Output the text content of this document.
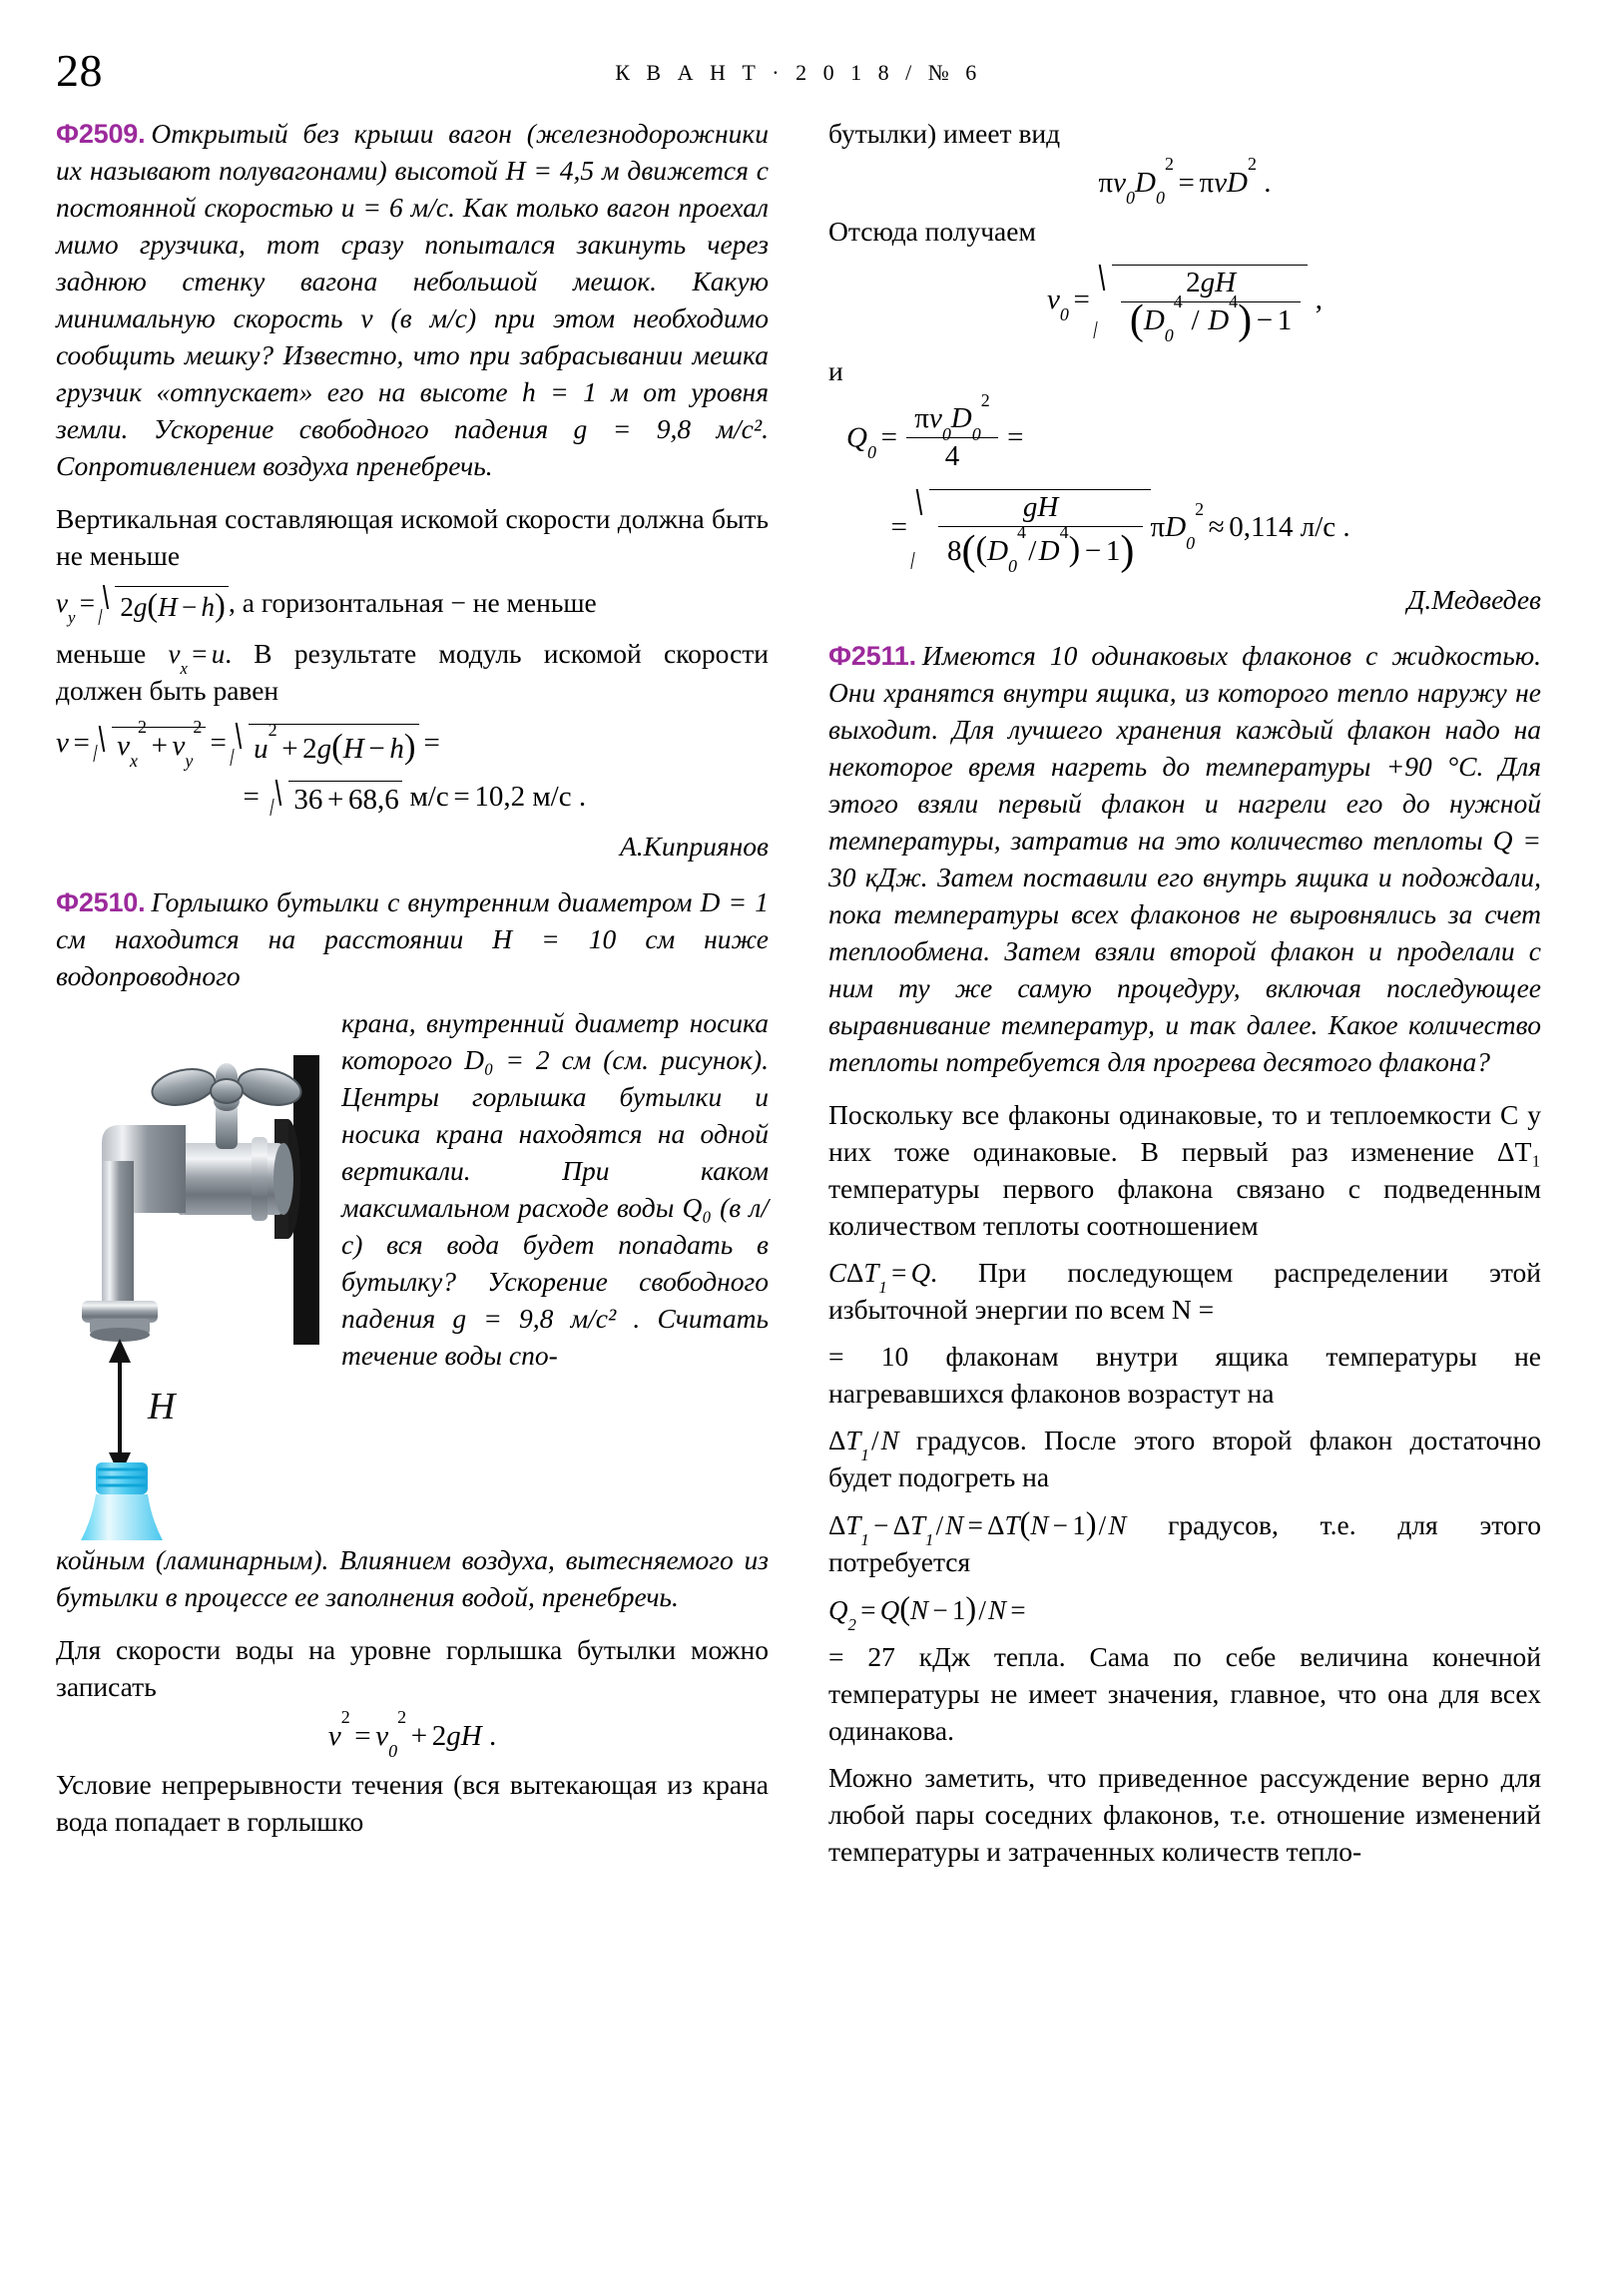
28	К В А Н Т · 2 0 1 8 / № 6

Ф2509. Открытый без крыши вагон (железнодорожники их называют полувагонами) высотой H = 4,5 м движется с постоянной скоростью u = 6 м/с. Как только вагон проехал мимо грузчика, тот сразу попытался закинуть через заднюю стенку вагона небольшой мешок. Какую минимальную скорость v (в м/с) при этом необходимо сообщить мешку? Известно, что при забрасывании мешка грузчик «отпускает» его на высоте h = 1 м от уровня земли. Ускорение свободного падения g = 9,8 м/с². Сопротивлением воздуха пренебречь.

Вертикальная составляющая искомой скорости должна быть не меньше

$v_y = 2g(H - h)$ , а горизонтальная − не меньше

меньше $v_x = u$. В результате модуль искомой скорости должен быть равен

$v = v_x^2+ v_y^2 = u^2+ 2g(H - h)$ =
= 36 + 68,6 м/с = 10,2 м/с .
А.Киприянов

Ф2510. Горлышко бутылки с внутренним диаметром D = 1 см находится на расстоянии H = 10 см ниже водопроводного

H

крана, внутренний диаметр носика которого D₀ = 2 см (см. рисунок). Центры горлышка бутылки и носика крана находятся на одной вертикали. При каком максимальном расходе воды Q₀ (в л/с) вся вода будет попадать в бутылку? Ускорение свободного падения g = 9,8 м/с² . Считать течение воды спо-

койным (ламинарным). Влиянием воздуха, вытесняемого из бутылки в процессе ее заполнения водой, пренебречь.

Для скорости воды на уровне горлышка бутылки можно записать

$v^2= v_0^2+ 2gH$ .

Условие непрерывности течения (вся вытекающая из крана вода попадает в горлышко

бутылки) имеет вид

$\pi v_0D_0^2= \pi vD^2$ .

Отсюда получаем

$v_0 = \frac{2gH}{(D_0^4 / D^4) - 1}$ ,

и

$Q_0 = \frac{\pi v_0D_0^2}{4}$ =
= $\frac{gH}{8((D_0^4/D^4) - 1)} \pi D_0^2\approx 0,114$ л/с .
Д.Медведев

Ф2511. Имеются 10 одинаковых флаконов с жидкостью. Они хранятся внутри ящика, из которого тепло наружу не выходит. Для лучшего хранения каждый флакон надо на некоторое время нагреть до температуры +90 °С. Для этого взяли первый флакон и нагрели его до нужной температуры, затратив на это количество теплоты Q = 30 кДж. Затем поставили его внутрь ящика и подождали, пока температуры всех флаконов не выровнялись за счет теплообмена. Затем взяли второй флакон и проделали с ним ту же самую процедуру, включая последующее выравнивание температур, и так далее. Какое количество теплоты потребуется для прогрева десятого флакона?

Поскольку все флаконы одинаковые, то и теплоемкости C у них тоже одинаковые. В первый раз изменение ΔT₁ температуры первого флакона связано с подведенным количеством теплоты соотношением

$C\Delta T_1 = Q$. При последующем распределении этой избыточной энергии по всем N =

= 10 флаконам внутри ящика температуры не нагревавшихся флаконов возрастут на

$\Delta T_1/N$ градусов. После этого второй флакон достаточно будет подогреть на

$\Delta T_1 - \Delta T_1/N = \Delta T(N - 1)/N$ градусов, т.е. для этого потребуется

$Q_2 = Q(N - 1)/N$ =

= 27 кДж тепла. Сама по себе величина конечной температуры не имеет значения, главное, что она для всех одинакова.

Можно заметить, что приведенное рассуждение верно для любой пары соседних флаконов, т.е. отношение изменений температуры и затраченных количеств тепло-
